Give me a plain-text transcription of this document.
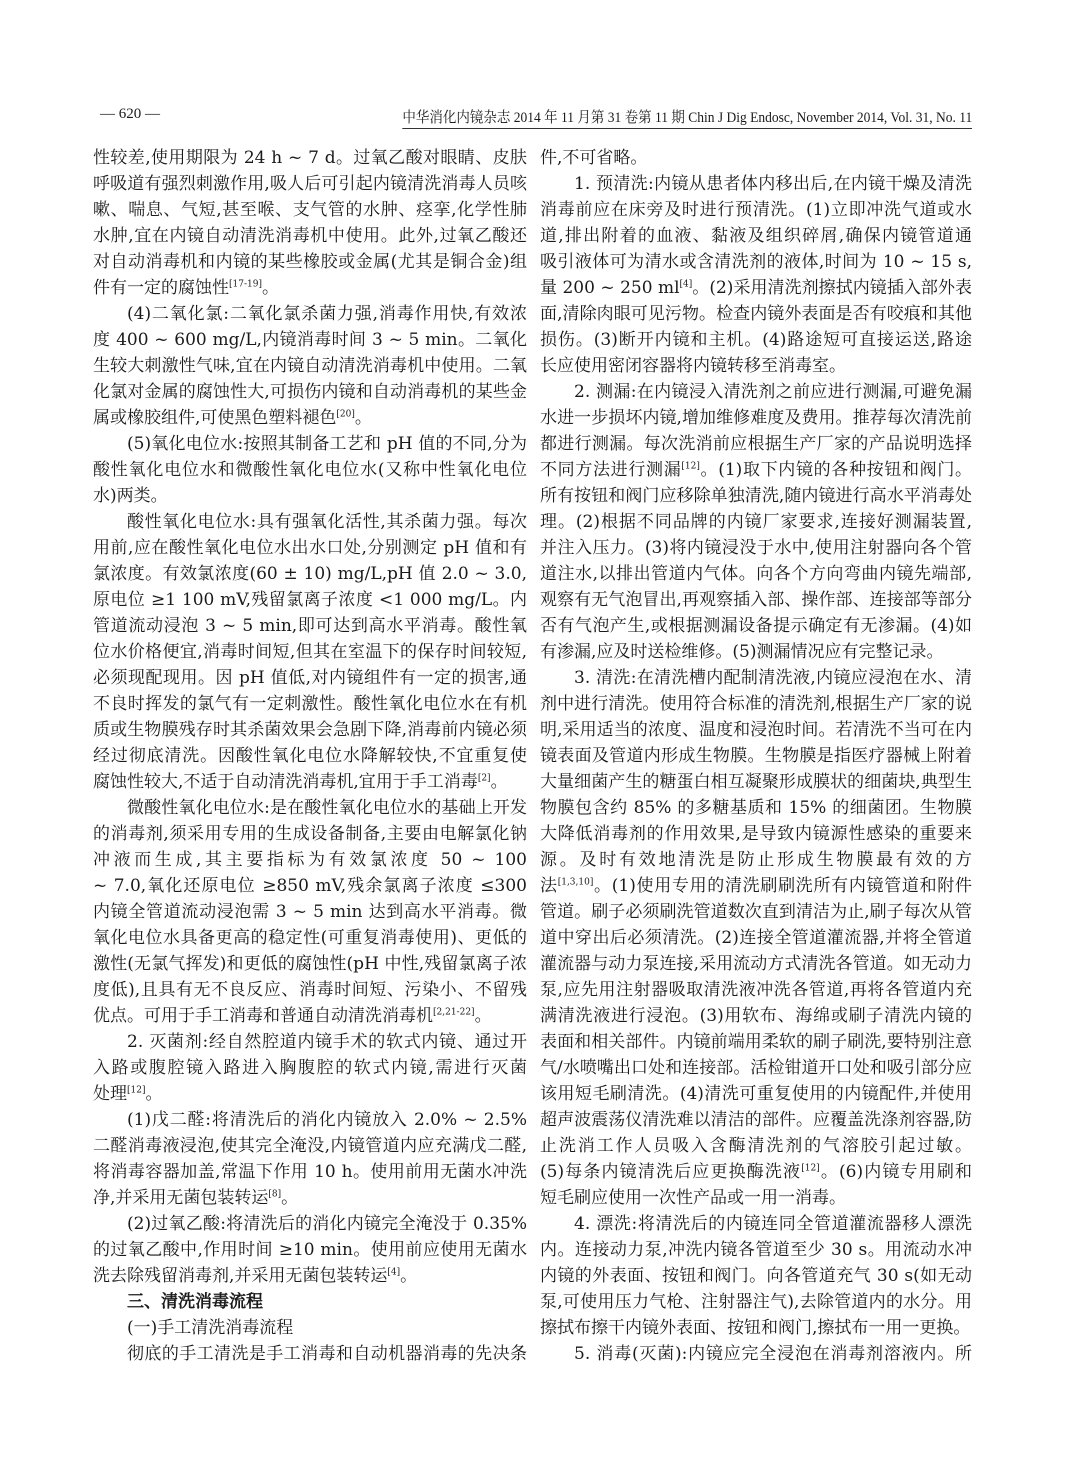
— 620 —	中华消化内镜杂志 2014 年 11 月第 31 卷第 11 期 Chin J Dig Endosc, November 2014, Vol. 31, No. 11
性较差,使用期限为 24 h ~ 7 d。过氧乙酸对眼睛、皮肤
呼吸道有强烈刺激作用,吸人后可引起内镜清洗消毒人员咳
嗽、喘息、气短,甚至喉、支气管的水肿、痉挛,化学性肺
水肿,宜在内镜自动清洗消毒机中使用。此外,过氧乙酸还
对自动消毒机和内镜的某些橡胶或金属(尤其是铜合金)组
件有一定的腐蚀性[17-19]。
(4)二氧化氯:二氧化氯杀菌力强,消毒作用快,有效浓
度 400 ~ 600 mg/L,内镜消毒时间 3 ~ 5 min。二氧化
生较大刺激性气味,宜在内镜自动清洗消毒机中使用。二氧
化氯对金属的腐蚀性大,可损伤内镜和自动消毒机的某些金
属或橡胶组件,可使黑色塑料褪色[20]。
(5)氧化电位水:按照其制备工艺和 pH 值的不同,分为
酸性氧化电位水和微酸性氧化电位水(又称中性氧化电位
水)两类。
酸性氧化电位水:具有强氧化活性,其杀菌力强。每次
用前,应在酸性氧化电位水出水口处,分别测定 pH 值和有
氯浓度。有效氯浓度(60 ± 10) mg/L,pH 值 2.0 ~ 3.0,
原电位 ≥1 100 mV,残留氯离子浓度 <1 000 mg/L。内
管道流动浸泡 3 ~ 5 min,即可达到高水平消毒。酸性氧
位水价格便宜,消毒时间短,但其在室温下的保存时间较短,
必须现配现用。因 pH 值低,对内镜组件有一定的损害,通
不良时挥发的氯气有一定刺激性。酸性氧化电位水在有机
质或生物膜残存时其杀菌效果会急剧下降,消毒前内镜必须
经过彻底清洗。因酸性氧化电位水降解较快,不宜重复使
腐蚀性较大,不适于自动清洗消毒机,宜用于手工消毒[2]。
微酸性氧化电位水:是在酸性氧化电位水的基础上开发
的消毒剂,须采用专用的生成设备制备,主要由电解氯化钠
冲液而生成,其主要指标为有效氯浓度 50 ~ 100
~ 7.0,氧化还原电位 ≥850 mV,残余氯离子浓度 ≤300
内镜全管道流动浸泡需 3 ~ 5 min 达到高水平消毒。微
氧化电位水具备更高的稳定性(可重复消毒使用)、更低的
激性(无氯气挥发)和更低的腐蚀性(pH 中性,残留氯离子浓
度低),且具有无不良反应、消毒时间短、污染小、不留残
优点。可用于手工消毒和普通自动清洗消毒机[2,21-22]。
2. 灭菌剂:经自然腔道内镜手术的软式内镜、通过开
入路或腹腔镜入路进入胸腹腔的软式内镜,需进行灭菌
处理[12]。
(1)戊二醛:将清洗后的消化内镜放入 2.0% ~ 2.5%
二醛消毒液浸泡,使其完全淹没,内镜管道内应充满戊二醛,
将消毒容器加盖,常温下作用 10 h。使用前用无菌水冲洗
净,并采用无菌包装转运[8]。
(2)过氧乙酸:将清洗后的消化内镜完全淹没于 0.35%
的过氧乙酸中,作用时间 ≥10 min。使用前应使用无菌水
洗去除残留消毒剂,并采用无菌包装转运[4]。
三、清洗消毒流程
(一)手工清洗消毒流程
彻底的手工清洗是手工消毒和自动机器消毒的先决条
件,不可省略。
1. 预清洗:内镜从患者体内移出后,在内镜干燥及清洗
消毒前应在床旁及时进行预清洗。(1)立即冲洗气道或水
道,排出附着的血液、黏液及组织碎屑,确保内镜管道通
吸引液体可为清水或含清洗剂的液体,时间为 10 ~ 15 s,
量 200 ~ 250 ml[4]。(2)采用清洗剂擦拭内镜插入部外表
面,清除肉眼可见污物。检查内镜外表面是否有咬痕和其他
损伤。(3)断开内镜和主机。(4)路途短可直接运送,路途
长应使用密闭容器将内镜转移至消毒室。
2. 测漏:在内镜浸入清洗剂之前应进行测漏,可避免漏
水进一步损坏内镜,增加维修难度及费用。推荐每次清洗前
都进行测漏。每次洗消前应根据生产厂家的产品说明选择
不同方法进行测漏[12]。(1)取下内镜的各种按钮和阀门。
所有按钮和阀门应移除单独清洗,随内镜进行高水平消毒处
理。(2)根据不同品牌的内镜厂家要求,连接好测漏装置,
并注入压力。(3)将内镜浸没于水中,使用注射器向各个管
道注水,以排出管道内气体。向各个方向弯曲内镜先端部,
观察有无气泡冒出,再观察插入部、操作部、连接部等部分
否有气泡产生,或根据测漏设备提示确定有无渗漏。(4)如
有渗漏,应及时送检维修。(5)测漏情况应有完整记录。
3. 清洗:在清洗槽内配制清洗液,内镜应浸泡在水、清
剂中进行清洗。使用符合标准的清洗剂,根据生产厂家的说
明,采用适当的浓度、温度和浸泡时间。若清洗不当可在内
镜表面及管道内形成生物膜。生物膜是指医疗器械上附着
大量细菌产生的糖蛋白相互凝聚形成膜状的细菌块,典型生
物膜包含约 85% 的多糖基质和 15% 的细菌团。生物膜
大降低消毒剂的作用效果,是导致内镜源性感染的重要来
源。及时有效地清洗是防止形成生物膜最有效的方
法[1,3,10]。(1)使用专用的清洗刷刷洗所有内镜管道和附件
管道。刷子必须刷洗管道数次直到清洁为止,刷子每次从管
道中穿出后必须清洗。(2)连接全管道灌流器,并将全管道
灌流器与动力泵连接,采用流动方式清洗各管道。如无动力
泵,应先用注射器吸取清洗液冲洗各管道,再将各管道内充
满清洗液进行浸泡。(3)用软布、海绵或刷子清洗内镜的
表面和相关部件。内镜前端用柔软的刷子刷洗,要特别注意
气/水喷嘴出口处和连接部。活检钳道开口处和吸引部分应
该用短毛刷清洗。(4)清洗可重复使用的内镜配件,并使用
超声波震荡仪清洗难以清洁的部件。应覆盖洗涤剂容器,防
止洗消工作人员吸入含酶清洗剂的气溶胶引起过敏。
(5)每条内镜清洗后应更换酶洗液[12]。(6)内镜专用刷和
短毛刷应使用一次性产品或一用一消毒。
4. 漂洗:将清洗后的内镜连同全管道灌流器移人漂洗
内。连接动力泵,冲洗内镜各管道至少 30 s。用流动水冲
内镜的外表面、按钮和阀门。向各管道充气 30 s(如无动
泵,可使用压力气枪、注射器注气),去除管道内的水分。用
擦拭布擦干内镜外表面、按钮和阀门,擦拭布一用一更换。
5. 消毒(灭菌):内镜应完全浸泡在消毒剂溶液内。所
